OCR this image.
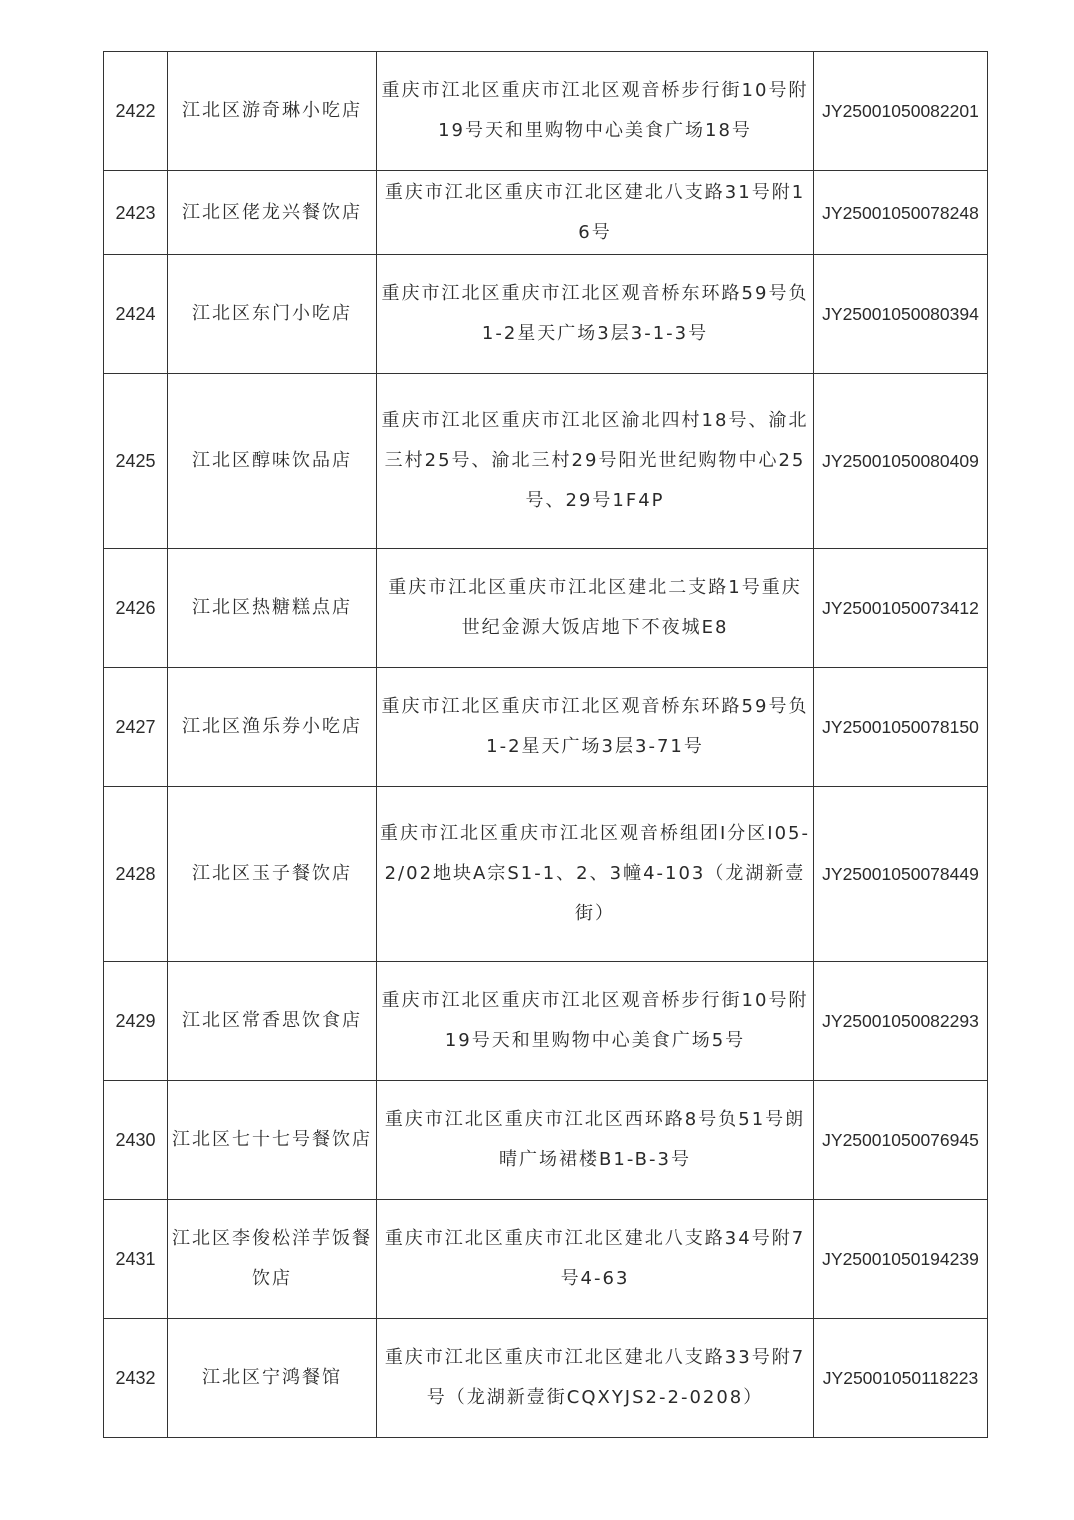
2422	江北区游奇琳小吃店	重庆市江北区重庆市江北区观音桥步行街10号附19号天和里购物中心美食广场18号	JY25001050082201
2423	江北区佬龙兴餐饮店	重庆市江北区重庆市江北区建北八支路31号附16号	JY25001050078248
2424	江北区东门小吃店	重庆市江北区重庆市江北区观音桥东环路59号负1-2星天广场3层3-1-3号	JY25001050080394
2425	江北区醇味饮品店	重庆市江北区重庆市江北区渝北四村18号、渝北三村25号、渝北三村29号阳光世纪购物中心25号、29号1F4P	JY25001050080409
2426	江北区热糖糕点店	重庆市江北区重庆市江北区建北二支路1号重庆世纪金源大饭店地下不夜城E8	JY25001050073412
2427	江北区渔乐券小吃店	重庆市江北区重庆市江北区观音桥东环路59号负1-2星天广场3层3-71号	JY25001050078150
2428	江北区玉子餐饮店	重庆市江北区重庆市江北区观音桥组团I分区I05-2/02地块A宗S1-1、2、3幢4-103（龙湖新壹街）	JY25001050078449
2429	江北区常香思饮食店	重庆市江北区重庆市江北区观音桥步行街10号附19号天和里购物中心美食广场5号	JY25001050082293
2430	江北区七十七号餐饮店	重庆市江北区重庆市江北区西环路8号负51号朗晴广场裙楼B1-B-3号	JY25001050076945
2431	江北区李俊松洋芋饭餐饮店	重庆市江北区重庆市江北区建北八支路34号附7号4-63	JY25001050194239
2432	江北区宁鸿餐馆	重庆市江北区重庆市江北区建北八支路33号附7号（龙湖新壹街CQXYJS2-2-0208）	JY25001050118223
